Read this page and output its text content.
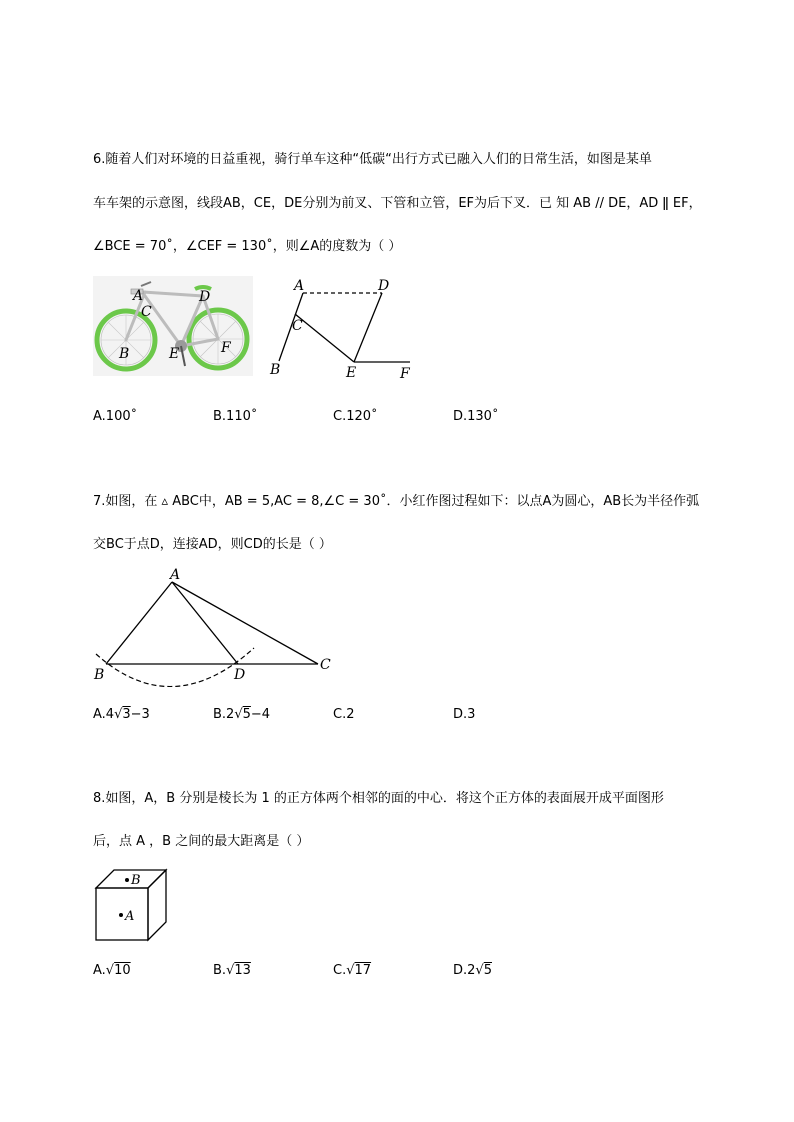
6.随着人们对环境的日益重视，骑行单车这种“低碳“出行方式已融入人们的日常生活，如图是某单
车车架的示意图，线段AB，CE，DE分别为前叉、下管和立管，EF为后下叉．已 知 AB // DE，AD ǁ EF，
∠BCE = 70˚，∠CEF = 130˚，则∠A的度数为（ ）
A	D
C
B	E	F
A	D
C
B	E	F
A.100˚	B.110˚	C.120˚	D.130˚
7.如图，在 ▵ ABC中，AB = 5,AC = 8,∠C = 30˚．小红作图过程如下：以点A为圆心，AB长为半径作弧
交BC于点D，连接AD，则CD的长是（ ）
A
B
C
D
A.4√3−3	B.2√5−4	C.2	D.3
8.如图，A，B 分别是棱长为 1 的正方体两个相邻的面的中心．将这个正方体的表面展开成平面图形
后，点 A ，B 之间的最大距离是（ ）
B
A
A.√10	B.√13	C.√17	D.2√5
